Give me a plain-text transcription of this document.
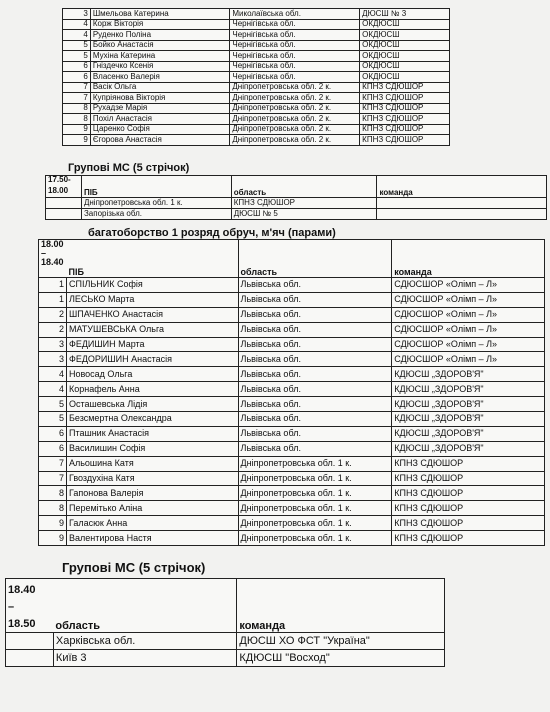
3	Шмельова Катерина	Миколаївська обл.	ДЮСШ № 3
4	Корж Вікторія	Чернігівська обл.	ОКДЮСШ
4	Руденко Поліна	Чернігівська обл.	ОКДЮСШ
5	Бойко Анастасія	Чернігівська обл.	ОКДЮСШ
5	Мухіна Катерина	Чернігівська обл.	ОКДЮСШ
6	Гніздечко Ксенія	Чернігівська обл.	ОКДЮСШ
6	Власенко Валерія	Чернігівська обл.	ОКДЮСШ
7	Васік Ольга	Дніпропетровська обл. 2 к.	КПНЗ СДЮШОР
7	Купріянова Вікторія	Дніпропетровська обл. 2 к.	КПНЗ СДЮШОР
8	Рухадзе Марія	Дніпропетровська обл. 2 к.	КПНЗ СДЮШОР
8	Похіл Анастасія	Дніпропетровська обл. 2 к.	КПНЗ СДЮШОР
9	Царенко Софія	Дніпропетровська обл. 2 к.	КПНЗ СДЮШОР
9	Єгорова Анастасія	Дніпропетровська обл. 2 к.	КПНЗ СДЮШОР
Групові МС (5 стрічок)
17.50-
18.00	ПІБ	область	команда
	Дніпропетровська обл. 1 к.	КПНЗ СДЮШОР	
	Запорізька обл.	ДЮСШ № 5	
багатоборство 1 розряд обруч, м'яч (парами)
18.00
–
18.40	ПІБ	область	команда
1	СПІЛЬНИК Софія	Львівська обл.	СДЮСШОР «Олімп – Л»
1	ЛЕСЬКО Марта	Львівська обл.	СДЮСШОР «Олімп – Л»
2	ШПАЧЕНКО Анастасія	Львівська обл.	СДЮСШОР «Олімп – Л»
2	МАТУШЕВСЬКА Ольга	Львівська обл.	СДЮСШОР «Олімп – Л»
3	ФЕДИШИН Марта	Львівська обл.	СДЮСШОР «Олімп – Л»
3	ФЕДОРИШИН Анастасія	Львівська обл.	СДЮСШОР «Олімп – Л»
4	Новосад Ольга	Львівська обл.	КДЮСШ „ЗДОРОВ'Я"
4	Корнафель Анна	Львівська обл.	КДЮСШ „ЗДОРОВ'Я"
5	Осташевська Лідія	Львівська обл.	КДЮСШ „ЗДОРОВ'Я"
5	Безсмертна Олександра	Львівська обл.	КДЮСШ „ЗДОРОВ'Я"
6	Пташник Анастасія	Львівська обл.	КДЮСШ „ЗДОРОВ'Я"
6	Василишин Софія	Львівська обл.	КДЮСШ „ЗДОРОВ'Я"
7	Альошина Катя	Дніпропетровська обл. 1 к.	КПНЗ СДЮШОР
7	Гвоздухіна Катя	Дніпропетровська обл. 1 к.	КПНЗ СДЮШОР
8	Гапонова Валерія	Дніпропетровська обл. 1 к.	КПНЗ СДЮШОР
8	Перемітько Аліна	Дніпропетровська обл. 1 к.	КПНЗ СДЮШОР
9	Галасюк Анна	Дніпропетровська обл. 1 к.	КПНЗ СДЮШОР
9	Валентирова Настя	Дніпропетровська обл. 1 к.	КПНЗ СДЮШОР
Групові МС (5 стрічок)
18.40
–
18.50	область	команда
	Харківська обл.	ДЮСШ ХО ФСТ "Україна"
	Київ 3	КДЮСШ "Восход"
